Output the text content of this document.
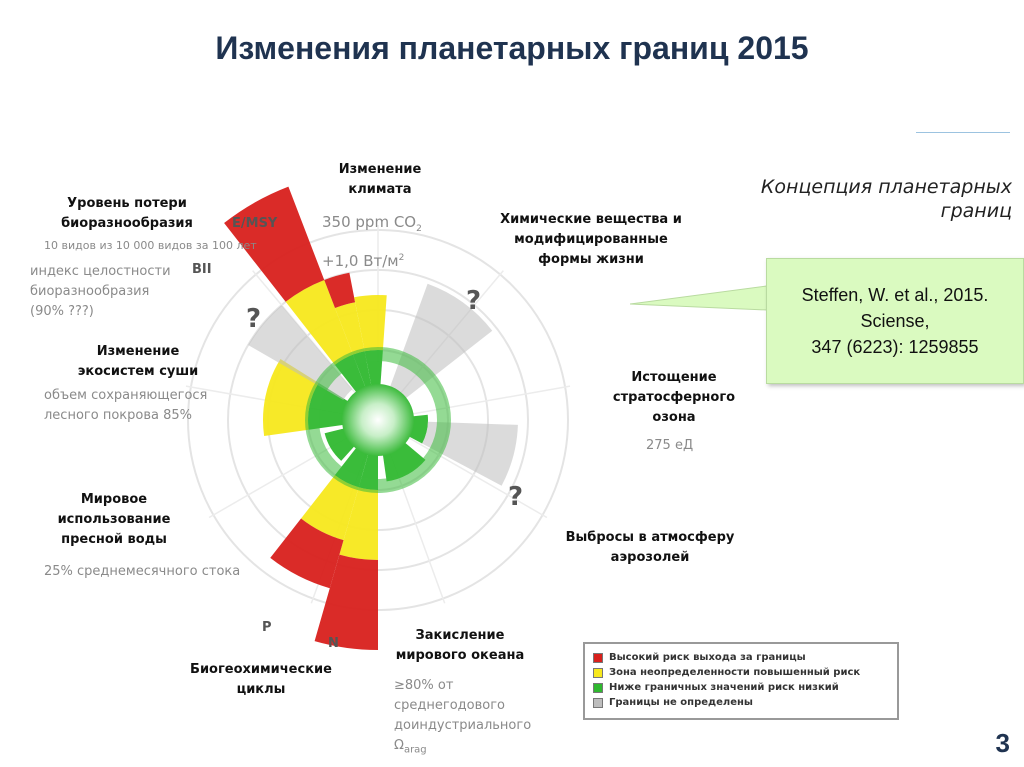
Изменения планетарных границ 2015
Концепция планетарных
границ
Steffen, W. et al., 2015.
Sciense,
347 (6223): 1259855
Изменение
климата
350 ppm $CO_2$
+1,0 $Вт/м^2$
Уровень потери
биоразнообразия
10 видов из 10 000 видов за 100 лет
индекс целостности
биоразнообразия
(90% ???)
E/MSY
BII
Изменение
экосистем суши
объем сохраняющегося
лесного покрова 85%
Мировое
использование
пресной воды
25% среднемесячного стока
P
N
Биогеохимические
циклы
Закисление
мирового океана
≥80% от
среднегодового
доиндустриального
$\Omega_{arag}$
Химические вещества и
модифицированные
формы жизни
Истощение
стратосферного
озона
275 еД
Выбросы в атмосферу
аэрозолей
?
?
?
Высокий риск выхода за границы
Зона неопределенности повышенный риск
Ниже граничных значений риск низкий
Границы не определены
3
